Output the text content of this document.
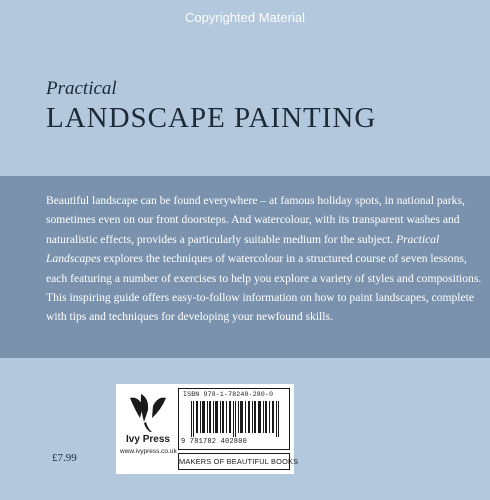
Copyrighted Material
Practical
LANDSCAPE PAINTING

Beautiful landscape can be found everywhere – at famous holiday spots, in national parks, sometimes even on our front doorsteps. And watercolour, with its transparent washes and naturalistic effects, provides a particularly suitable medium for the subject. Practical Landscapes explores the techniques of watercolour in a structured course of seven lessons, each featuring a number of exercises to help you explore a variety of styles and compositions. This inspiring guide offers easy-to-follow information on how to paint landscapes, complete with tips and techniques for developing your newfound skills.

£7.99
Ivy Press
www.ivypress.co.uk
ISBN 978-1-78240-280-0
9 781782 402800
MAKERS OF BEAUTIFUL BOOKS
